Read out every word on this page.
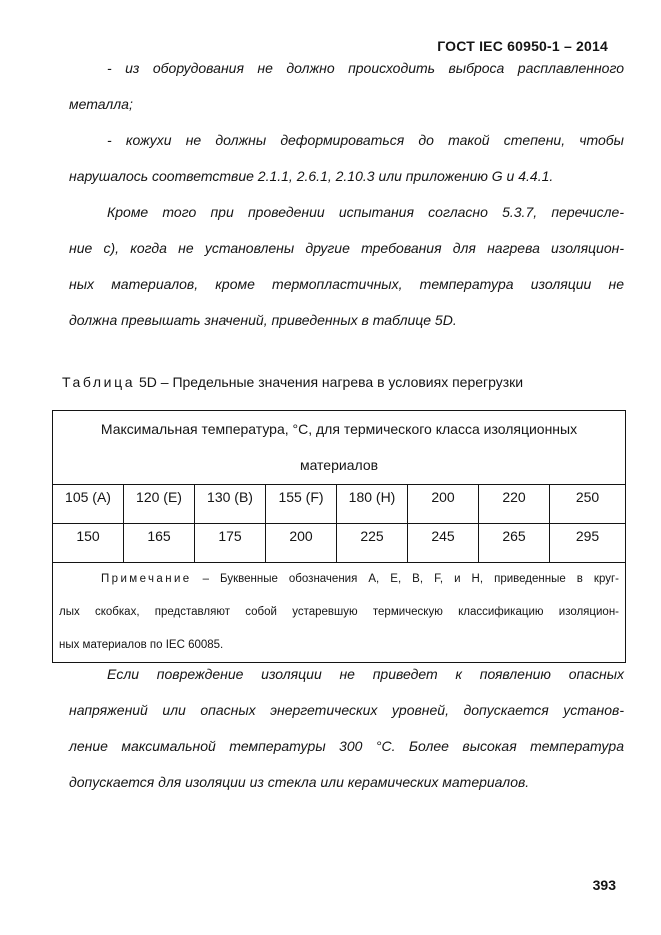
ГОСТ IEC 60950-1 – 2014
- из оборудования не должно происходить выброса расплавленного
металла;
- кожухи не должны деформироваться до такой степени, чтобы
нарушалось соответствие 2.1.1, 2.6.1, 2.10.3 или приложению G и 4.4.1.
Кроме того при проведении испытания согласно 5.3.7, перечисле-
ние с), когда не установлены другие требования для нагрева изоляцион-
ных материалов, кроме термопластичных, температура изоляции не
должна превышать значений, приведенных в таблице 5D.
Таблица 5D – Предельные значения нагрева в условиях перегрузки
Максимальная температура, °С, для термического класса изоляционных
материалов							

105 (A)	120 (E)	130 (B)	155 (F)	180 (H)	200	220	250
150	165	175	200	225	245	265	295

Примечание – Буквенные обозначения А, Е, В, F, и Н, приведенные в круг-
лых скобках, представляют собой устаревшую термическую классификацию изоляцион-
ных материалов по IEC 60085.							
Если повреждение изоляции не приведет к появлению опасных
напряжений или опасных энергетических уровней, допускается установ-
ление максимальной температуры 300 °С. Более высокая температура
допускается для изоляции из стекла или керамических материалов.
393
